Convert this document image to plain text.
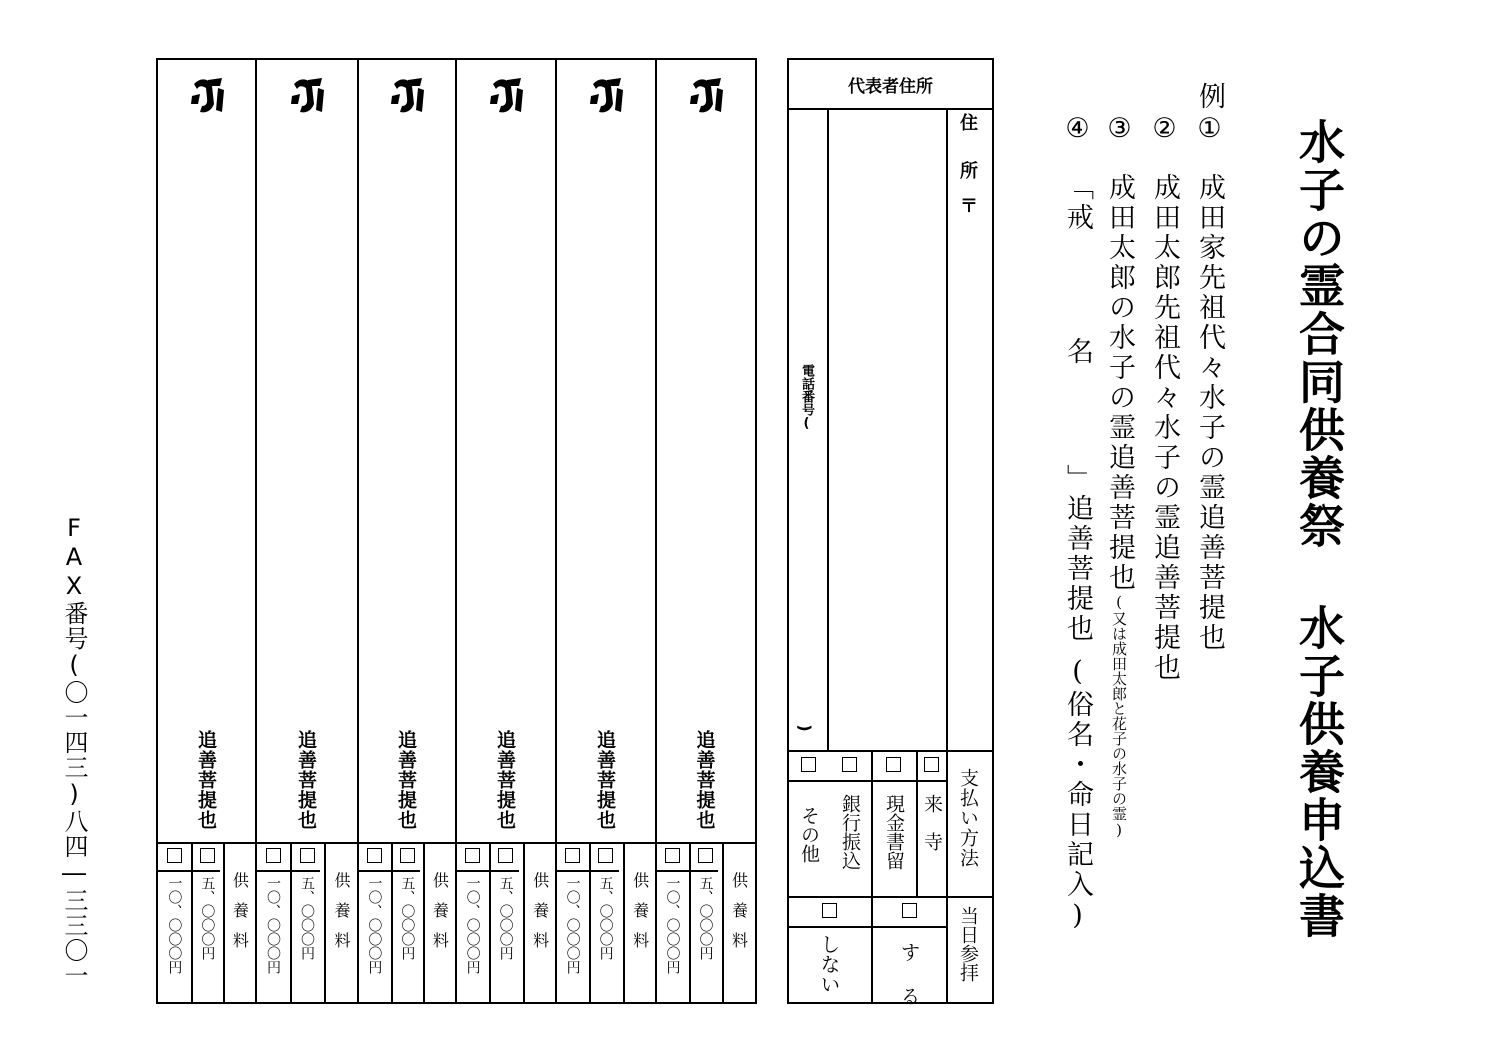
水子の霊合同供養祭
水子供養申込書
例
①成田家先祖代々水子の霊追善菩提也
②成田太郎先祖代々水子の霊追善菩提也
③成田太郎の水子の霊追善菩提也(又は成田太郎と花子の水子の霊)
④「戒　名」追善菩提也(俗名・命日記入)
代表者住所
住　所
〒
電話番号(
)
支払い方法
来　寺
現金書留
銀行振込
その他
当日参拝
す る
しない
追善菩提也
供養料
五、〇〇〇円
一〇、〇〇〇円
追善菩提也
供養料
五、〇〇〇円
一〇、〇〇〇円
追善菩提也
供養料
五、〇〇〇円
一〇、〇〇〇円
追善菩提也
供養料
五、〇〇〇円
一〇、〇〇〇円
追善菩提也
供養料
五、〇〇〇円
一〇、〇〇〇円
追善菩提也
供養料
五、〇〇〇円
一〇、〇〇〇円
FAX番号(〇一四三)八四―三三〇一
